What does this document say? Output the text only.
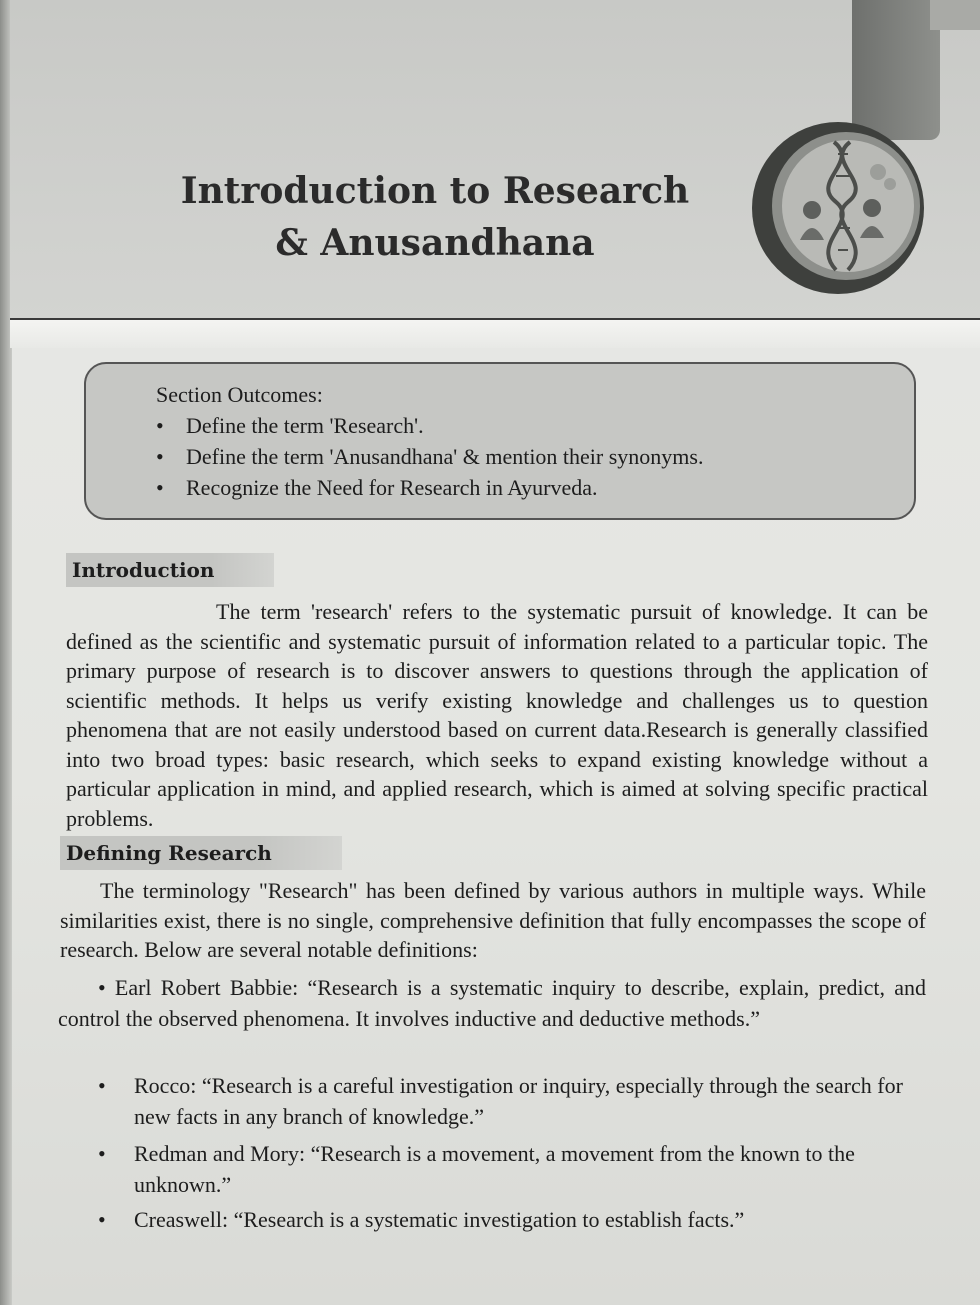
Introduction to Research
& Anusandhana
Section Outcomes:
• Define the term 'Research'.
• Define the term 'Anusandhana' & mention their synonyms.
• Recognize the Need for Research in Ayurveda.
Introduction

The term 'research' refers to the systematic pursuit of knowledge. It can be defined as the scientific and systematic pursuit of information related to a particular topic. The primary purpose of research is to discover answers to questions through the application of scientific methods. It helps us verify existing knowledge and challenges us to question phenomena that are not easily understood based on current data.Research is generally classified into two broad types: basic research, which seeks to expand existing knowledge without a particular application in mind, and applied research, which is aimed at solving specific practical problems.

Defining Research

The terminology "Research" has been defined by various authors in multiple ways. While similarities exist, there is no single, comprehensive definition that fully encompasses the scope of research. Below are several notable definitions:

• Earl Robert Babbie: “Research is a systematic inquiry to describe, explain, predict, and control the observed phenomena. It involves inductive and deductive methods.”

• Rocco: “Research is a careful investigation or inquiry, especially through the search for new facts in any branch of knowledge.”
• Redman and Mory: “Research is a movement, a movement from the known to the unknown.”
• Creaswell: “Research is a systematic investigation to establish facts.”
